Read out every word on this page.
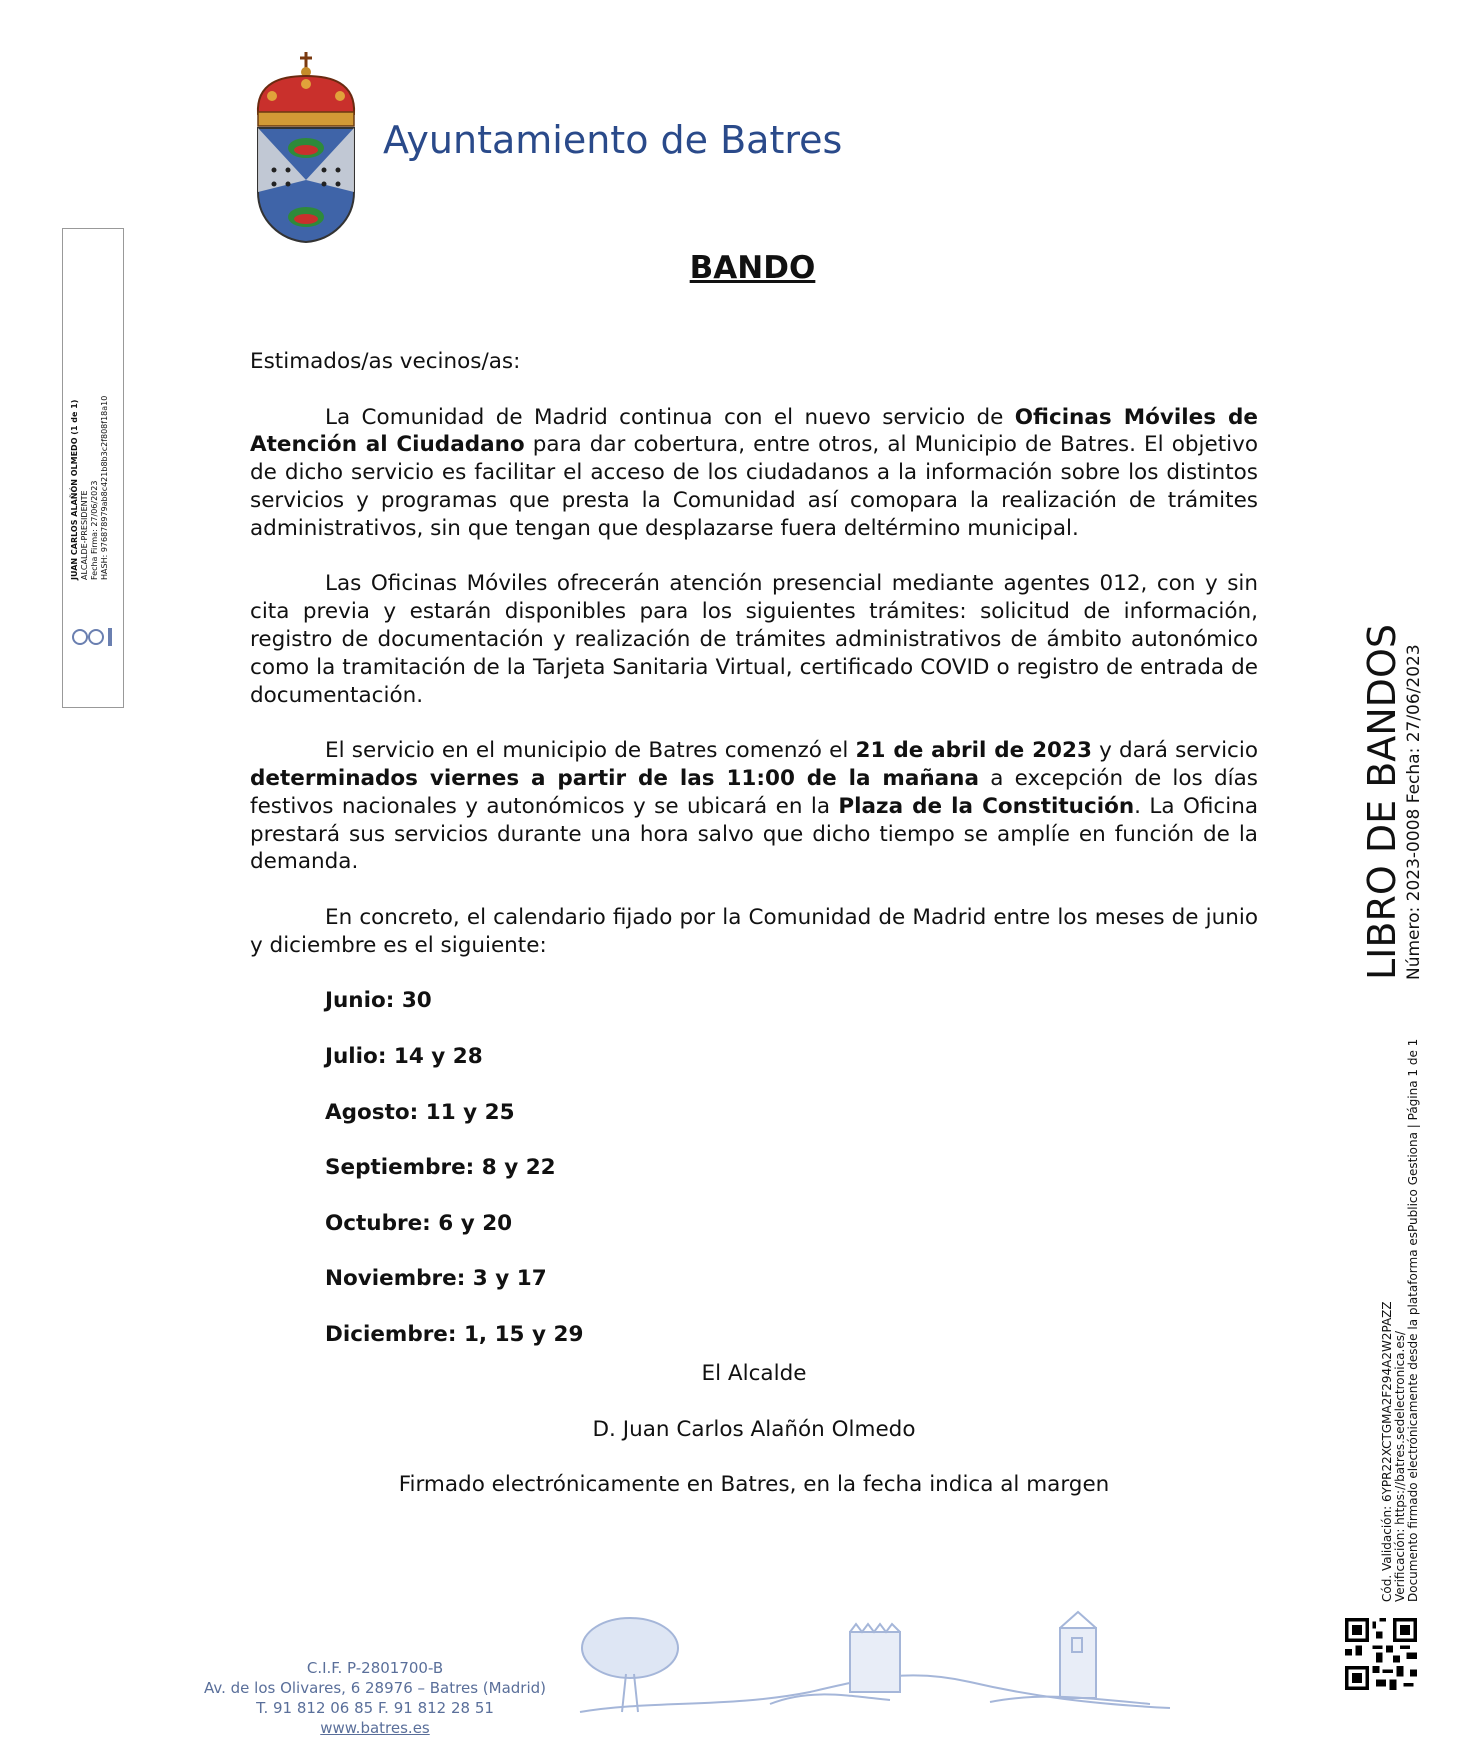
Ayuntamiento de Batres
BANDO

Estimados/as vecinos/as:

La Comunidad de Madrid continua con el nuevo servicio de Oficinas Móviles de Atención al Ciudadano para dar cobertura, entre otros, al Municipio de Batres. El objetivo de dicho servicio es facilitar el acceso de los ciudadanos a la información sobre los distintos servicios y programas que presta la Comunidad así comopara la realización de trámites administrativos, sin que tengan que desplazarse fuera deltérmino municipal.

Las Oficinas Móviles ofrecerán atención presencial mediante agentes 012, con y sin cita previa y estarán disponibles para los siguientes trámites: solicitud de información, registro de documentación y realización de trámites administrativos de ámbito autonómico como la tramitación de la Tarjeta Sanitaria Virtual, certificado COVID o registro de entrada de documentación.

El servicio en el municipio de Batres comenzó el 21 de abril de 2023 y dará servicio determinados viernes a partir de las 11:00 de la mañana a excepción de los días festivos nacionales y autonómicos y se ubicará en la Plaza de la Constitución. La Oficina prestará sus servicios durante una hora salvo que dicho tiempo se amplíe en función de la demanda.

En concreto, el calendario fijado por la Comunidad de Madrid entre los meses de junio y diciembre es el siguiente:

Junio: 30
Julio: 14 y 28
Agosto: 11 y 25
Septiembre: 8 y 22
Octubre: 6 y 20
Noviembre: 3 y 17
Diciembre: 1, 15 y 29
El Alcalde
D. Juan Carlos Alañón Olmedo
Firmado electrónicamente en Batres, en la fecha indica al margen
JUAN CARLOS ALAÑÓN OLMEDO (1 de 1) ALCALDE-PRESIDENTE Fecha Firma: 27/06/2023 HASH: 976878979ab8c421b8b3c2f808f18a10
LIBRO DE BANDOS Número: 2023-0008 Fecha: 27/06/2023
Cód. Validación: 6YPR22XCTGMA2F294A2W2PAZZ Verificación: https://batres.sedelectronica.es/ Documento firmado electrónicamente desde la plataforma esPublico Gestiona | Página 1 de 1
C.I.F. P-2801700-B
Av. de los Olivares, 6 28976 – Batres (Madrid)
T. 91 812 06 85 F. 91 812 28 51
www.batres.es
